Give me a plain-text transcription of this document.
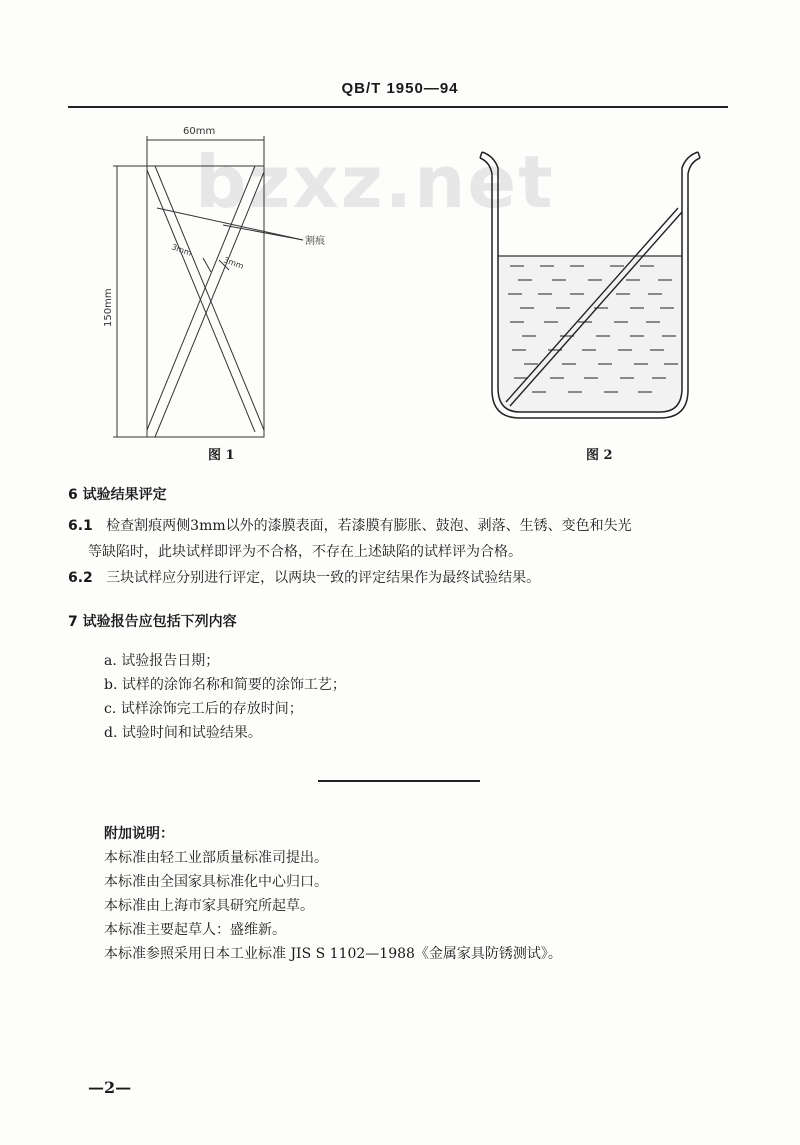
QB/T 1950—94
bzxz.net
60mm
割痕
3mm
3mm
150mm
图 1	图 2
6 试验结果评定
6.1 检查割痕两侧3mm以外的漆膜表面，若漆膜有膨胀、鼓泡、剥落、生锈、变色和失光
等缺陷时，此块试样即评为不合格，不存在上述缺陷的试样评为合格。
6.2 三块试样应分别进行评定，以两块一致的评定结果作为最终试验结果。
7 试验报告应包括下列内容
a. 试验报告日期；
b. 试样的涂饰名称和简要的涂饰工艺；
c. 试样涂饰完工后的存放时间；
d. 试验时间和试验结果。
附加说明：
本标准由轻工业部质量标准司提出。
本标准由全国家具标准化中心归口。
本标准由上海市家具研究所起草。
本标准主要起草人：盛维新。
本标准参照采用日本工业标准 JIS S 1102—1988《金属家具防锈测试》。
—2—
